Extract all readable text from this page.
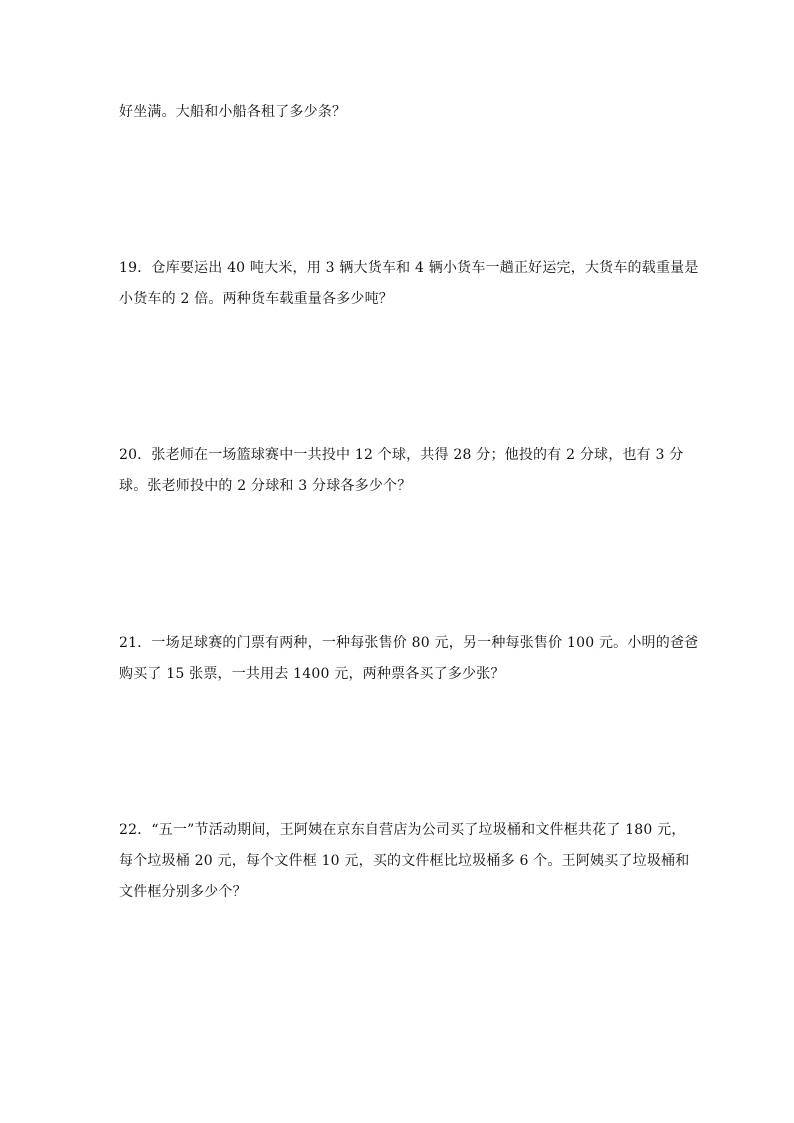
好坐满。大船和小船各租了多少条？
19．仓库要运出 40 吨大米，用 3 辆大货车和 4 辆小货车一趟正好运完，大货车的载重量是
小货车的 2 倍。两种货车载重量各多少吨？
20．张老师在一场篮球赛中一共投中 12 个球，共得 28 分；他投的有 2 分球，也有 3 分
球。张老师投中的 2 分球和 3 分球各多少个？
21．一场足球赛的门票有两种，一种每张售价 80 元，另一种每张售价 100 元。小明的爸爸
购买了 15 张票，一共用去 1400 元，两种票各买了多少张？
22．“五一”节活动期间，王阿姨在京东自营店为公司买了垃圾桶和文件框共花了 180 元，
每个垃圾桶 20 元，每个文件框 10 元，买的文件框比垃圾桶多 6 个。王阿姨买了垃圾桶和
文件框分别多少个？
